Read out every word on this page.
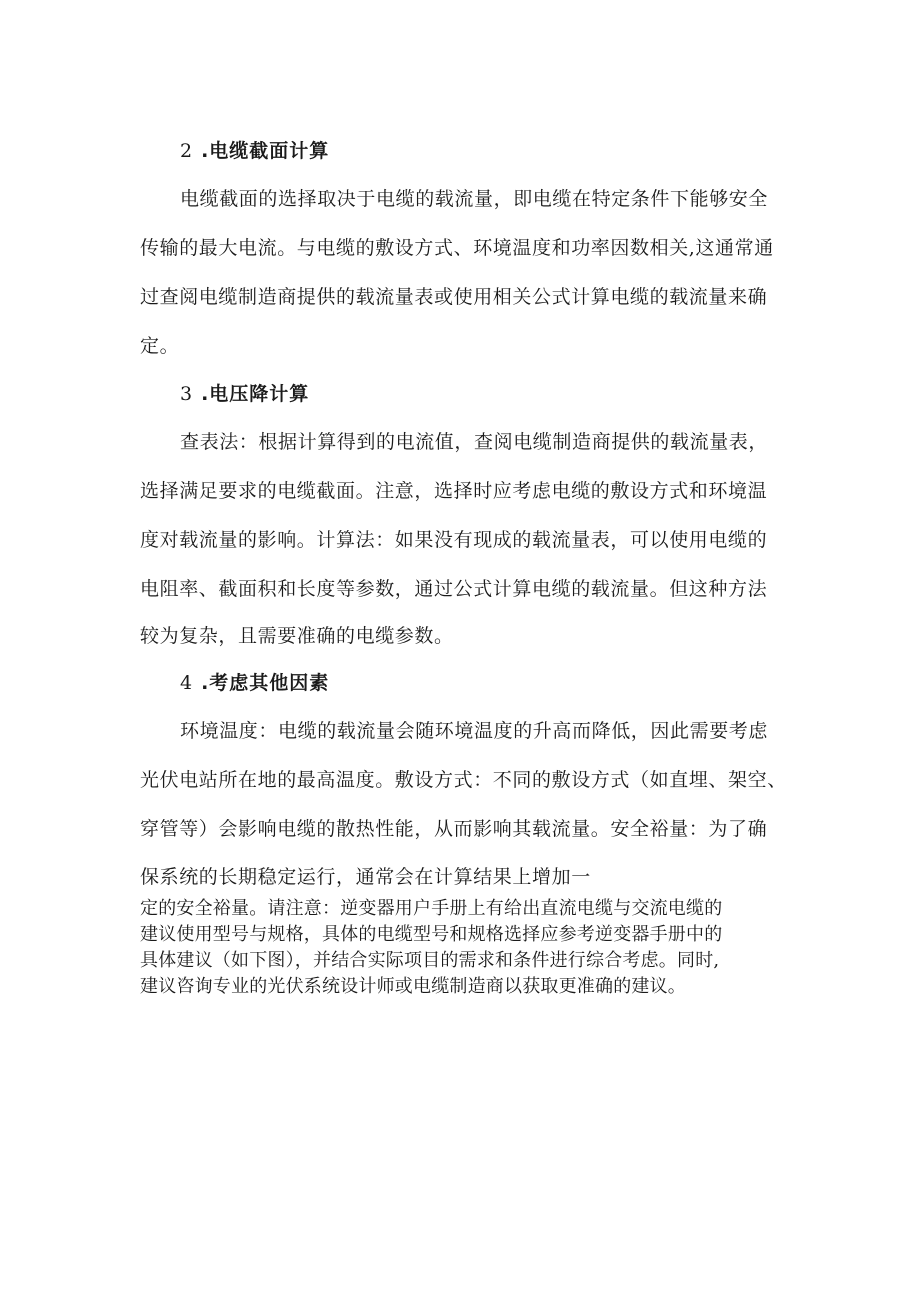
2 .电缆截面计算

电缆截面的选择取决于电缆的载流量，即电缆在特定条件下能够安全

传输的最大电流。与电缆的敷设方式、环境温度和功率因数相关,这通常通

过查阅电缆制造商提供的载流量表或使用相关公式计算电缆的载流量来确

定。

3 .电压降计算

查表法：根据计算得到的电流值，查阅电缆制造商提供的载流量表，

选择满足要求的电缆截面。注意，选择时应考虑电缆的敷设方式和环境温

度对载流量的影响。计算法：如果没有现成的载流量表，可以使用电缆的

电阻率、截面积和长度等参数，通过公式计算电缆的载流量。但这种方法

较为复杂，且需要准确的电缆参数。

4 .考虑其他因素

环境温度：电缆的载流量会随环境温度的升高而降低，因此需要考虑

光伏电站所在地的最高温度。敷设方式：不同的敷设方式（如直埋、架空、

穿管等）会影响电缆的散热性能，从而影响其载流量。安全裕量：为了确

保系统的长期稳定运行，通常会在计算结果上增加一

定的安全裕量。请注意：逆变器用户手册上有给出直流电缆与交流电缆的

建议使用型号与规格，具体的电缆型号和规格选择应参考逆变器手册中的

具体建议（如下图），并结合实际项目的需求和条件进行综合考虑。同时,

建议咨询专业的光伏系统设计师或电缆制造商以获取更准确的建议。
